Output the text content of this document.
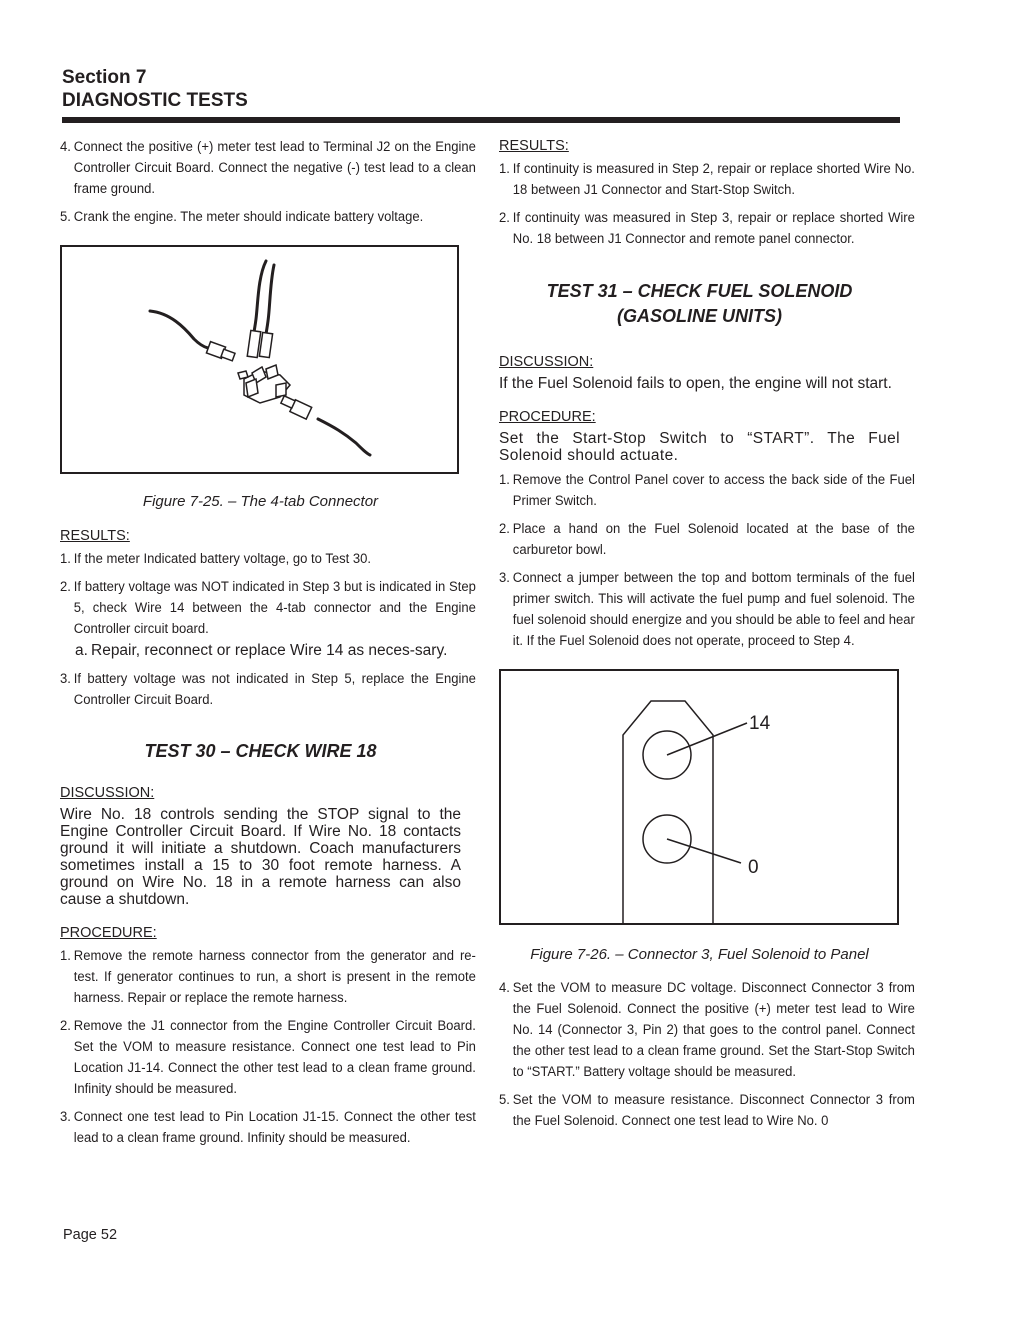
Section 7
DIAGNOSTIC TESTS
4. Connect the positive (+) meter test lead to Terminal J2 on the Engine Controller Circuit Board. Connect the negative (-) test lead to a clean frame ground.
5. Crank the engine. The meter should indicate battery voltage.
Figure 7-25. – The 4-tab Connector
RESULTS:
1. If the meter Indicated battery voltage, go to Test 30.
2. If battery voltage was NOT indicated in Step 3 but is indicated in Step 5, check Wire 14 between the 4-tab connector and the Engine Controller circuit board.
a. Repair, reconnect or replace Wire 14 as neces-sary.
3. If battery voltage was not indicated in Step 5, replace the Engine Controller Circuit Board.
TEST 30 – CHECK WIRE 18
DISCUSSION:
Wire No. 18 controls sending the STOP signal to the Engine Controller Circuit Board. If Wire No. 18 contacts ground it will initiate a shutdown. Coach manufacturers sometimes install a 15 to 30 foot remote harness. A ground on Wire No. 18 in a remote harness can also cause a shutdown.
PROCEDURE:
1. Remove the remote harness connector from the generator and re-test. If generator continues to run, a short is present in the remote harness. Repair or replace the remote harness.
2. Remove the J1 connector from the Engine Controller Circuit Board. Set the VOM to measure resistance. Connect one test lead to Pin Location J1-14. Connect the other test lead to a clean frame ground. Infinity should be measured.
3. Connect one test lead to Pin Location J1-15. Connect the other test lead to a clean frame ground. Infinity should be measured.
RESULTS:
1. If continuity is measured in Step 2, repair or replace shorted Wire No. 18 between J1 Connector and Start-Stop Switch.
2. If continuity was measured in Step 3, repair or replace shorted Wire No. 18 between J1 Connector and remote panel connector.
TEST 31 – CHECK FUEL SOLENOID
(GASOLINE UNITS)
DISCUSSION:
If the Fuel Solenoid fails to open, the engine will not start.
PROCEDURE:
Set the Start-Stop Switch to “START”. The Fuel Solenoid should actuate.
1. Remove the Control Panel cover to access the back side of the Fuel Primer Switch.
2. Place a hand on the Fuel Solenoid located at the base of the carburetor bowl.
3. Connect a jumper between the top and bottom terminals of the fuel primer switch. This will activate the fuel pump and fuel solenoid. The fuel solenoid should energize and you should be able to feel and hear it. If the Fuel Solenoid does not operate, proceed to Step 4.
14
0
Figure 7-26. – Connector 3, Fuel Solenoid to Panel
4. Set the VOM to measure DC voltage. Disconnect Connector 3 from the Fuel Solenoid. Connect the positive (+) meter test lead to Wire No. 14 (Connector 3, Pin 2) that goes to the control panel. Connect the other test lead to a clean frame ground. Set the Start-Stop Switch to “START.” Battery voltage should be measured.
5. Set the VOM to measure resistance. Disconnect Connector 3 from the Fuel Solenoid. Connect one test lead to Wire No. 0
Page 52
